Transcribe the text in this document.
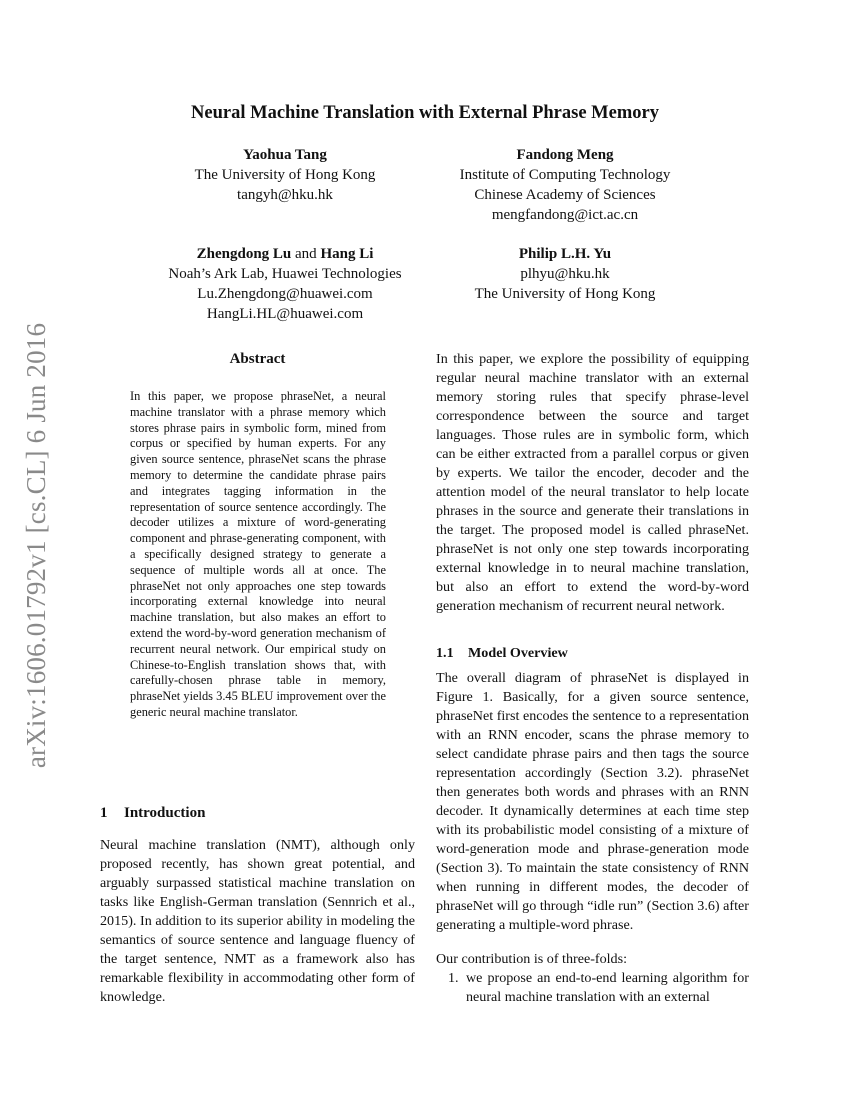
arXiv:1606.01792v1 [cs.CL] 6 Jun 2016
Neural Machine Translation with External Phrase Memory
Yaohua Tang
The University of Hong Kong
tangyh@hku.hk
Fandong Meng
Institute of Computing Technology
Chinese Academy of Sciences
mengfandong@ict.ac.cn
Zhengdong Lu and Hang Li
Noah’s Ark Lab, Huawei Technologies
Lu.Zhengdong@huawei.com
HangLi.HL@huawei.com
Philip L.H. Yu
plhyu@hku.hk
The University of Hong Kong
Abstract

In this paper, we propose phraseNet, a neural machine translator with a phrase memory which stores phrase pairs in symbolic form, mined from corpus or specified by human experts. For any given source sentence, phraseNet scans the phrase memory to determine the candidate phrase pairs and integrates tagging information in the representation of source sentence accordingly. The decoder utilizes a mixture of word-generating component and phrase-generating component, with a specifically designed strategy to generate a sequence of multiple words all at once. The phraseNet not only approaches one step towards incorporating external knowledge into neural machine translation, but also makes an effort to extend the word-by-word generation mechanism of recurrent neural network. Our empirical study on Chinese-to-English translation shows that, with carefully-chosen phrase table in memory, phraseNet yields 3.45 BLEU improvement over the generic neural machine translator.

1 Introduction

Neural machine translation (NMT), although only proposed recently, has shown great potential, and arguably surpassed statistical machine translation on tasks like English-German translation (Sennrich et al., 2015). In addition to its superior ability in modeling the semantics of source sentence and language fluency of the target sentence, NMT as a framework also has remarkable flexibility in accommodating other form of knowledge.

In this paper, we explore the possibility of equipping regular neural machine translator with an external memory storing rules that specify phrase-level correspondence between the source and target languages. Those rules are in symbolic form, which can be either extracted from a parallel corpus or given by experts. We tailor the encoder, decoder and the attention model of the neural translator to help locate phrases in the source and generate their translations in the target. The proposed model is called phraseNet. phraseNet is not only one step towards incorporating external knowledge in to neural machine translation, but also an effort to extend the word-by-word generation mechanism of recurrent neural network.

1.1 Model Overview

The overall diagram of phraseNet is displayed in Figure 1. Basically, for a given source sentence, phraseNet first encodes the sentence to a representation with an RNN encoder, scans the phrase memory to select candidate phrase pairs and then tags the source representation accordingly (Section 3.2). phraseNet then generates both words and phrases with an RNN decoder. It dynamically determines at each time step with its probabilistic model consisting of a mixture of word-generation mode and phrase-generation mode (Section 3). To maintain the state consistency of RNN when running in different modes, the decoder of phraseNet will go through “idle run” (Section 3.6) after generating a multiple-word phrase.

Our contribution is of three-folds:

1. we propose an end-to-end learning algorithm for neural machine translation with an external
